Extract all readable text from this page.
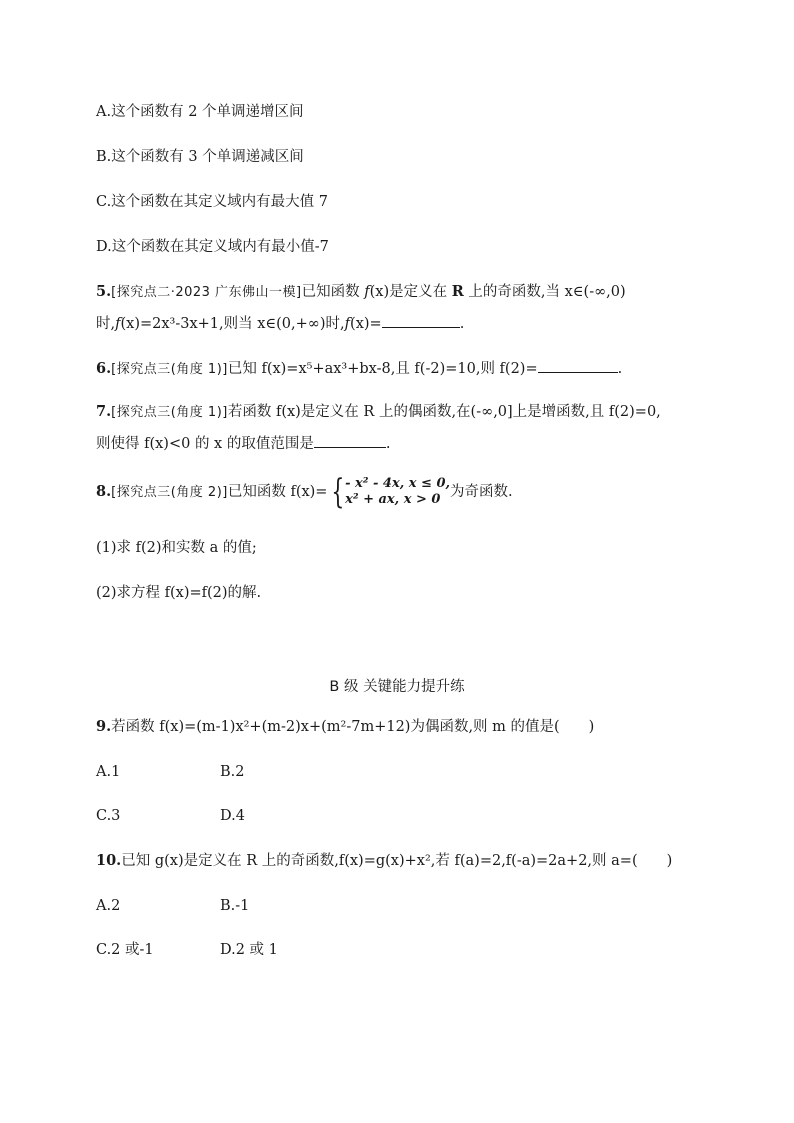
A.这个函数有 2 个单调递增区间
B.这个函数有 3 个单调递减区间
C.这个函数在其定义域内有最大值 7
D.这个函数在其定义域内有最小值-7
5.[探究点二·2023 广东佛山一模]已知函数 f(x)是定义在 R 上的奇函数,当 x∈(-∞,0)
时,f(x)=2x³-3x+1,则当 x∈(0,+∞)时,f(x)=	.
6.[探究点三(角度 1)]已知 f(x)=x⁵+ax³+bx-8,且 f(-2)=10,则 f(2)=	.
7.[探究点三(角度 1)]若函数 f(x)是定义在 R 上的偶函数,在(-∞,0]上是增函数,且 f(2)=0,
则使得 f(x)<0 的 x 的取值范围是	.
8.[探究点三(角度 2)]已知函数 f(x)= { - x² - 4x, x ≤ 0,
x² + ax, x > 0 为奇函数.
(1)求 f(2)和实数 a 的值;
(2)求方程 f(x)=f(2)的解.
B 级 关键能力提升练
9.若函数 f(x)=(m-1)x²+(m-2)x+(m²-7m+12)为偶函数,则 m 的值是(　　)
A.1	B.2
C.3	D.4
10.已知 g(x)是定义在 R 上的奇函数,f(x)=g(x)+x²,若 f(a)=2,f(-a)=2a+2,则 a=(　　)
A.2	B.-1
C.2 或-1	D.2 或 1
